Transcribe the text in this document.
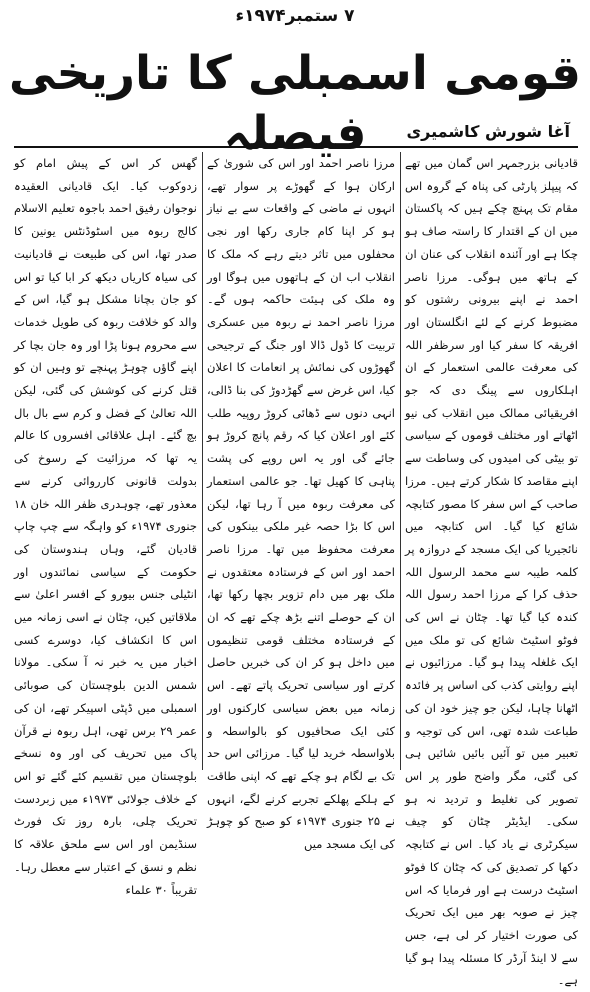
۷ ستمبر۱۹۷۴ء
قومی اسمبلی کا تاریخی فیصلہ	آغا شورش کاشمیری

قادیانی بزرجمہر اس گمان میں تھے کہ پیپلز پارٹی کی پناہ کے گروہ اس مقام تک پہنچ چکے ہیں کہ پاکستان میں ان کے اقتدار کا راستہ صاف ہو چکا ہے اور آئندہ انقلاب کی عنان ان کے ہاتھ میں ہوگی۔ مرزا ناصر احمد نے اپنے بیرونی رشتوں کو مضبوط کرنے کے لئے انگلستان اور افریقہ کا سفر کیا اور سرظفر اللہ کی معرفت عالمی استعمار کے ان اہلکاروں سے پینگ دی کہ جو افریقیائی ممالک میں انقلاب کی نیو اٹھاتے اور مختلف قوموں کے سیاسی تو بیٹی کی امیدوں کی وساطت سے اپنے مقاصد کا شکار کرتے ہیں۔ مرزا صاحب کے اس سفر کا مصور کتابچہ شائع کیا گیا۔ اس کتابچہ میں نائجیریا کی ایک مسجد کے دروازہ پر کلمہ طیبہ سے محمد الرسول اللہ حذف کرا کے مرزا احمد رسول اللہ کندہ کیا گیا تھا۔ چٹان نے اس کی فوٹو اسٹیٹ شائع کی تو ملک میں ایک غلغلہ پیدا ہو گیا۔ مرزائیوں نے اپنے روایتی کذب کی اساس پر فائدہ اٹھانا چاہا، لیکن جو چیز خود ان کی طباعت شدہ تھی، اس کی توجیہ و تعبیر میں تو آئیں بائیں شائیں ہی کی گئی، مگر واضح طور پر اس تصویر کی تغلیط و تردید نہ ہو سکی۔ ایڈیٹر چٹان کو چیف سیکرٹری نے یاد کیا۔ اس نے کتابچہ دکھا کر تصدیق کی کہ چٹان کا فوٹو اسٹیٹ درست ہے اور فرمایا کہ اس چیز نے صوبہ بھر میں ایک تحریک کی صورت اختیار کر لی ہے، جس سے لا اینڈ آرڈر کا مسئلہ پیدا ہو گیا ہے۔

مرزا ناصر احمد اور اس کی شوریٰ کے ارکان ہوا کے گھوڑے پر سوار تھے، انہوں نے ماضی کے واقعات سے بے نیاز ہو کر اپنا کام جاری رکھا اور نجی محفلوں میں تاثر دیتے رہے کہ ملک کا انقلاب اب ان کے ہاتھوں میں ہوگا اور وہ ملک کی ہیئت حاکمہ ہوں گے۔ مرزا ناصر احمد نے ربوہ میں عسکری تربیت کا ڈول ڈالا اور جنگ کے ترجیحی گھوڑوں کی نمائش پر انعامات کا اعلان کیا، اس غرض سے گھڑدوڑ کی بنا ڈالی، انہی دنوں سے ڈھائی کروڑ روپیہ طلب کئے اور اعلان کیا کہ رقم پانچ کروڑ ہو جائے گی اور یہ اس روپے کی پشت پناہی کا کھیل تھا۔ جو عالمی استعمار کی معرفت ربوہ میں آ رہا تھا، لیکن اس کا بڑا حصہ غیر ملکی بینکوں کی معرفت محفوظ میں تھا۔ مرزا ناصر احمد اور اس کے فرستادہ معتقدوں نے ملک بھر میں دام تزویر بچھا رکھا تھا، ان کے حوصلے اتنے بڑھ چکے تھے کہ ان کے فرستادہ مختلف قومی تنظیموں میں داخل ہو کر ان کی خبریں حاصل کرتے اور سیاسی تحریک پاتے تھے۔ اس زمانہ میں بعض سیاسی کارکنوں اور کئی ایک صحافیوں کو بالواسطہ و بلاواسطہ خرید لیا گیا۔ مرزائی اس حد تک بے لگام ہو چکے تھے کہ اپنی طاقت کے ہلکے پھلکے تجربے کرنے لگے، انہوں نے ۲۵ جنوری ۱۹۷۴ء کو صبح کو چوہڑ کی ایک مسجد میں

گھس کر اس کے پیش امام کو زدوکوب کیا۔ ایک قادیانی العقیدہ نوجوان رفیق احمد باجوہ تعلیم الاسلام کالج ربوہ میں اسٹوڈنٹس یونین کا صدر تھا، اس کی طبیعت نے قادیانیت کی سیاہ کاریاں دیکھ کر ابا کیا تو اس کو جان بچانا مشکل ہو گیا، اس کے والد کو خلافت ربوہ کی طویل خدمات سے محروم ہونا پڑا اور وہ جان بچا کر اپنے گاؤں چوہڑ پہنچے تو وہیں ان کو قتل کرنے کی کوشش کی گئی، لیکن اللہ تعالیٰ کے فضل و کرم سے بال بال بچ گئے۔ اہل علاقائی افسروں کا عالم یہ تھا کہ مرزائیت کے رسوخ کی بدولت قانونی کارروائی کرنے سے معذور تھے، چوہدری ظفر اللہ خان ۱۸ جنوری ۱۹۷۴ء کو واہگہ سے چپ چاپ قادیان گئے، وہاں ہندوستان کی حکومت کے سیاسی نمائندوں اور انٹیلی جنس بیورو کے افسر اعلیٰ سے ملاقاتیں کیں، چٹان نے اسی زمانہ میں اس کا انکشاف کیا، دوسرے کسی اخبار میں یہ خبر نہ آ سکی۔ مولانا شمس الدین بلوچستان کی صوبائی اسمبلی میں ڈپٹی اسپیکر تھے، ان کی عمر ۲۹ برس تھی، اہل ربوہ نے قرآن پاک میں تحریف کی اور وہ نسخے بلوچستان میں تقسیم کئے گئے تو اس کے خلاف جولائی ۱۹۷۳ء میں زبردست تحریک چلی، بارہ روز تک فورٹ سنڈیمن اور اس سے ملحق علاقہ کا نظم و نسق کے اعتبار سے معطل رہا۔ تقریباً ۳۰ علماء
